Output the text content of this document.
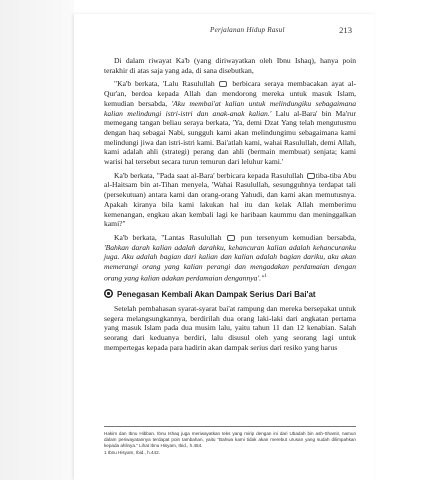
Perjalanan Hidup Rasul	213

Di dalam riwayat Ka'b (yang diriwayatkan oleh Ibnu Ishaq), hanya poin terakhir di atas saja yang ada, di sana disebutkan,

"Ka'b berkata, 'Lalu Rasulullah berbicara seraya membacakan ayat al-Qur'an, berdoa kepada Allah dan mendorong mereka untuk masuk Islam, kemudian bersabda, 'Aku membai'at kalian untuk melindungiku sebagaimana kalian melindungi istri-istri dan anak-anak kalian.' Lalu al-Bara' bin Ma'rur memegang tangan beliau seraya berkata, 'Ya, demi Dzat Yang telah mengutusmu dengan haq sebagai Nabi, sungguh kami akan melindungimu sebagaimana kami melindungi jiwa dan istri-istri kami. Bai'atlah kami, wahai Rasulullah, demi Allah, kami adalah ahli (strategi) perang dan ahli (bermain membuat) senjata; kami warisi hal tersebut secara turun temurun dari leluhur kami.'

Ka'b berkata, "Pada saat al-Bara' berbicara kepada Rasulullah tiba-tiba Abu al-Haitsam bin at-Tihan menyela, 'Wahai Rasulullah, sesungguhnya terdapat tali (persekutuan) antara kami dan orang-orang Yahudi, dan kami akan memutusnya. Apakah kiranya bila kami lakukan hal itu dan kelak Allah memberimu kemenangan, engkau akan kembali lagi ke haribaan kaummu dan meninggalkan kami?"

Ka'b berkata, "Lantas Rasulullah	pun tersenyum kemudian bersabda, 'Bahkan darah kalian adalah darahku, kehancuran kalian adalah kehancuranku juga. Aku adalah bagian dari kalian dan kalian adalah bagian dariku, aku akan memerangi orang yang kalian perangi dan mengadakan perdamaian dengan orang yang kalian adakan perdamaian dengannya'."$^1$

Penegasan Kembali Akan Dampak Serius Dari Bai'at

Setelah pembahasan syarat-syarat bai'at rampung dan mereka bersepakat untuk segera melangsungkannya, berdirilah dua orang laki-laki dari angkatan pertama yang masuk Islam pada dua musim lalu, yaitu tahun 11 dan 12 kenabian. Salah seorang dari keduanya berdiri, lalu disusul oleh yang seorang lagi untuk mempertegas kepada para hadirin akan dampak serius dari resiko yang harus

Hakim dan Ibnu Hibban. Ibnu Ishaq juga meriwayatkan teks yang mirip dengan ini dari Ubadah bin ash-Shamit, namun dalam periwayatannya terdapat poin tambahan, yaitu "Bahwa kami tidak akan merebut urusan yang sudah dilimpahkan kepada ahlinya." Lihat Ibnu Hisyam, Ibid., h.454.

1 Ibnu Hisyam, Ibid., h.442.
